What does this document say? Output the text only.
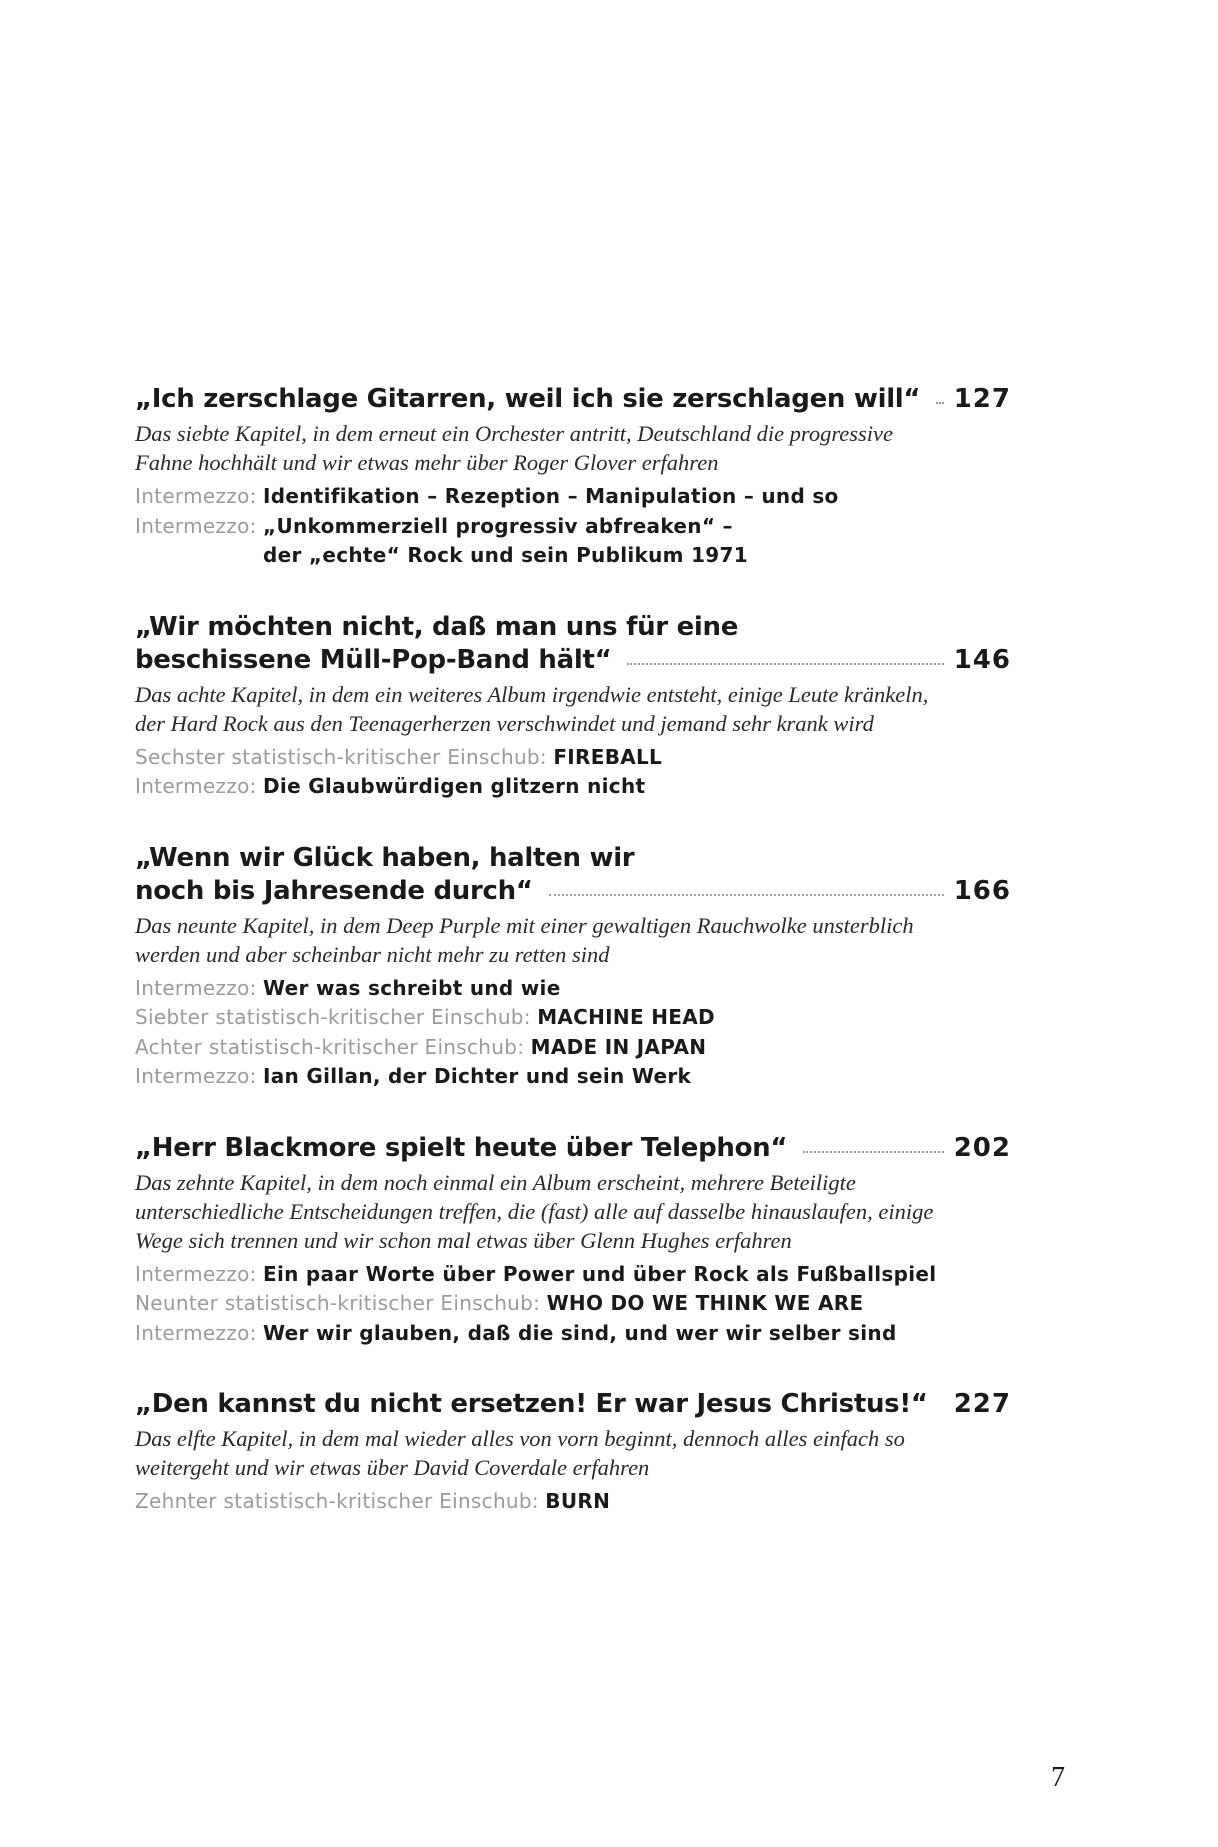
„Ich zerschlage Gitarren, weil ich sie zerschlagen will“ 127
Das siebte Kapitel, in dem erneut ein Orchester antritt, Deutschland die progressive Fahne hochhält und wir etwas mehr über Roger Glover erfahren
Intermezzo:
Identifikation – Rezeption – Manipulation – und so
Intermezzo:
„Unkommerziell progressiv abfreaken“ –
der „echte“ Rock und sein Publikum 1971
„Wir möchten nicht, daß man uns für eine
beschissene Müll-Pop-Band hält“	146
Das achte Kapitel, in dem ein weiteres Album irgendwie entsteht, einige Leute kränkeln, der Hard Rock aus den Teenagerherzen verschwindet und jemand sehr krank wird
Sechster statistisch-kritischer Einschub:
FIREBALL
Intermezzo:
Die Glaubwürdigen glitzern nicht
„Wenn wir Glück haben, halten wir
noch bis Jahresende durch“	166
Das neunte Kapitel, in dem Deep Purple mit einer gewaltigen Rauchwolke unsterblich werden und aber scheinbar nicht mehr zu retten sind
Intermezzo:
Wer was schreibt und wie
Siebter statistisch-kritischer Einschub:
MACHINE HEAD
Achter statistisch-kritischer Einschub:
MADE IN JAPAN
Intermezzo:
Ian Gillan, der Dichter und sein Werk
„Herr Blackmore spielt heute über Telephon“	202
Das zehnte Kapitel, in dem noch einmal ein Album erscheint, mehrere Beteiligte unterschiedliche Entscheidungen treffen, die (fast) alle auf dasselbe hinauslaufen, einige Wege sich trennen und wir schon mal etwas über Glenn Hughes erfahren
Intermezzo:
Ein paar Worte über Power und über Rock als Fußballspiel
Neunter statistisch-kritischer Einschub:
WHO DO WE THINK WE ARE
Intermezzo:
Wer wir glauben, daß die sind, und wer wir selber sind
„Den kannst du nicht ersetzen! Er war Jesus Christus!“ 227
Das elfte Kapitel, in dem mal wieder alles von vorn beginnt, dennoch alles einfach so weitergeht und wir etwas über David Coverdale erfahren
Zehnter statistisch-kritischer Einschub:
BURN
7
